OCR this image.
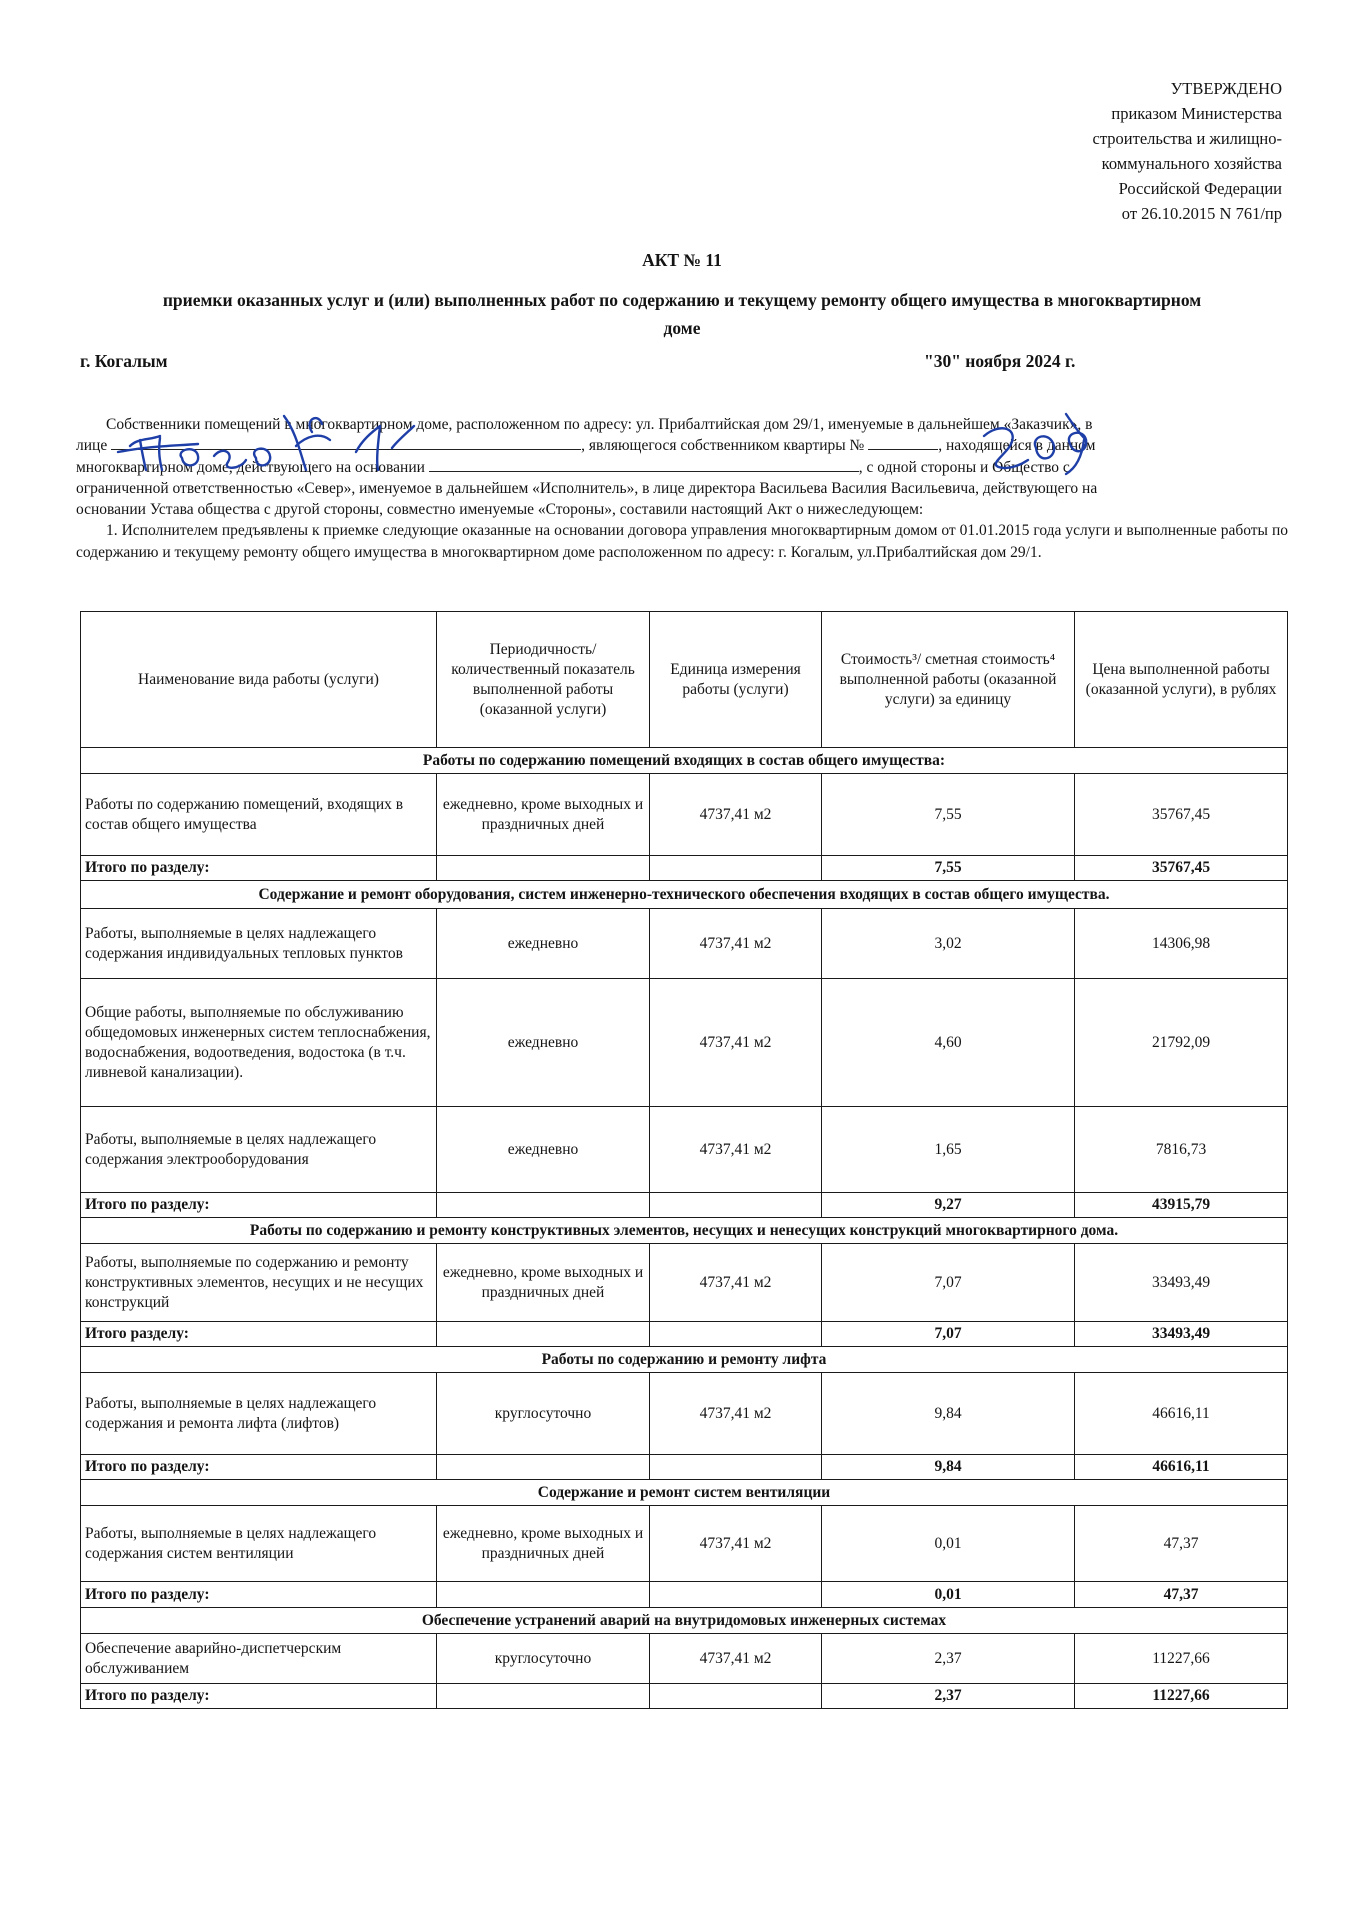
УТВЕРЖДЕНО
приказом Министерства
строительства и жилищно-
коммунального хозяйства
Российской Федерации
от 26.10.2015 N 761/пр
АКТ № 11
приемки оказанных услуг и (или) выполненных работ по содержанию и текущему ремонту общего имущества в многоквартирном доме
г. Когалым	"30" ноября 2024 г.

Собственники помещений в многоквартирном доме, расположенном по адресу: ул. Прибалтийская дом 29/1, именуемые в дальнейшем «Заказчик», в

лице	, являющегося собственником квартиры №	, находящейся в данном

многоквартирном доме, действующего на основании	, с одной стороны и Общество с

ограниченной ответственностью «Север», именуемое в дальнейшем «Исполнитель», в лице директора Васильева Василия Васильевича, действующего на

основании Устава общества с другой стороны, совместно именуемые «Стороны», составили настоящий Акт о нижеследующем:

1. Исполнителем предъявлены к приемке следующие оказанные на основании договора управления многоквартирным домом от 01.01.2015 года услуги и выполненные работы по содержанию и текущему ремонту общего имущества в многоквартирном доме расположенном по адресу: г. Когалым, ул.Прибалтийская дом 29/1.

Наименование вида работы (услуги)	Периодичность/ количественный показатель выполненной работы (оказанной услуги)	Единица измерения работы (услуги)	Стоимость³/ сметная стоимость⁴ выполненной работы (оказанной услуги) за единицу	Цена выполненной работы (оказанной услуги), в рублях
Работы по содержанию помещений входящих в состав общего имущества:				
Работы по содержанию помещений, входящих в состав общего имущества	ежедневно, кроме выходных и праздничных дней	4737,41 м2	7,55	35767,45
Итого по разделу:			7,55	35767,45
Содержание и ремонт оборудования, систем инженерно-технического обеспечения входящих в состав общего имущества.				
Работы, выполняемые в целях надлежащего содержания индивидуальных тепловых пунктов	ежедневно	4737,41 м2	3,02	14306,98
Общие работы, выполняемые по обслуживанию общедомовых инженерных систем теплоснабжения, водоснабжения, водоотведения, водостока (в т.ч. ливневой канализации).	ежедневно	4737,41 м2	4,60	21792,09
Работы, выполняемые в целях надлежащего содержания электрооборудования	ежедневно	4737,41 м2	1,65	7816,73
Итого по разделу:			9,27	43915,79
Работы по содержанию и ремонту конструктивных элементов, несущих и ненесущих конструкций многоквартирного дома.				
Работы, выполняемые по содержанию и ремонту конструктивных элементов, несущих и не несущих конструкций	ежедневно, кроме выходных и праздничных дней	4737,41 м2	7,07	33493,49
Итого разделу:			7,07	33493,49
Работы по содержанию и ремонту лифта				
Работы, выполняемые в целях надлежащего содержания и ремонта лифта (лифтов)	круглосуточно	4737,41 м2	9,84	46616,11
Итого по разделу:			9,84	46616,11
Содержание и ремонт систем вентиляции				
Работы, выполняемые в целях надлежащего содержания систем вентиляции	ежедневно, кроме выходных и праздничных дней	4737,41 м2	0,01	47,37
Итого по разделу:			0,01	47,37
Обеспечение устранений аварий на внутридомовых инженерных системах				
Обеспечение аварийно-диспетчерским обслуживанием	круглосуточно	4737,41 м2	2,37	11227,66
Итого по разделу:			2,37	11227,66
